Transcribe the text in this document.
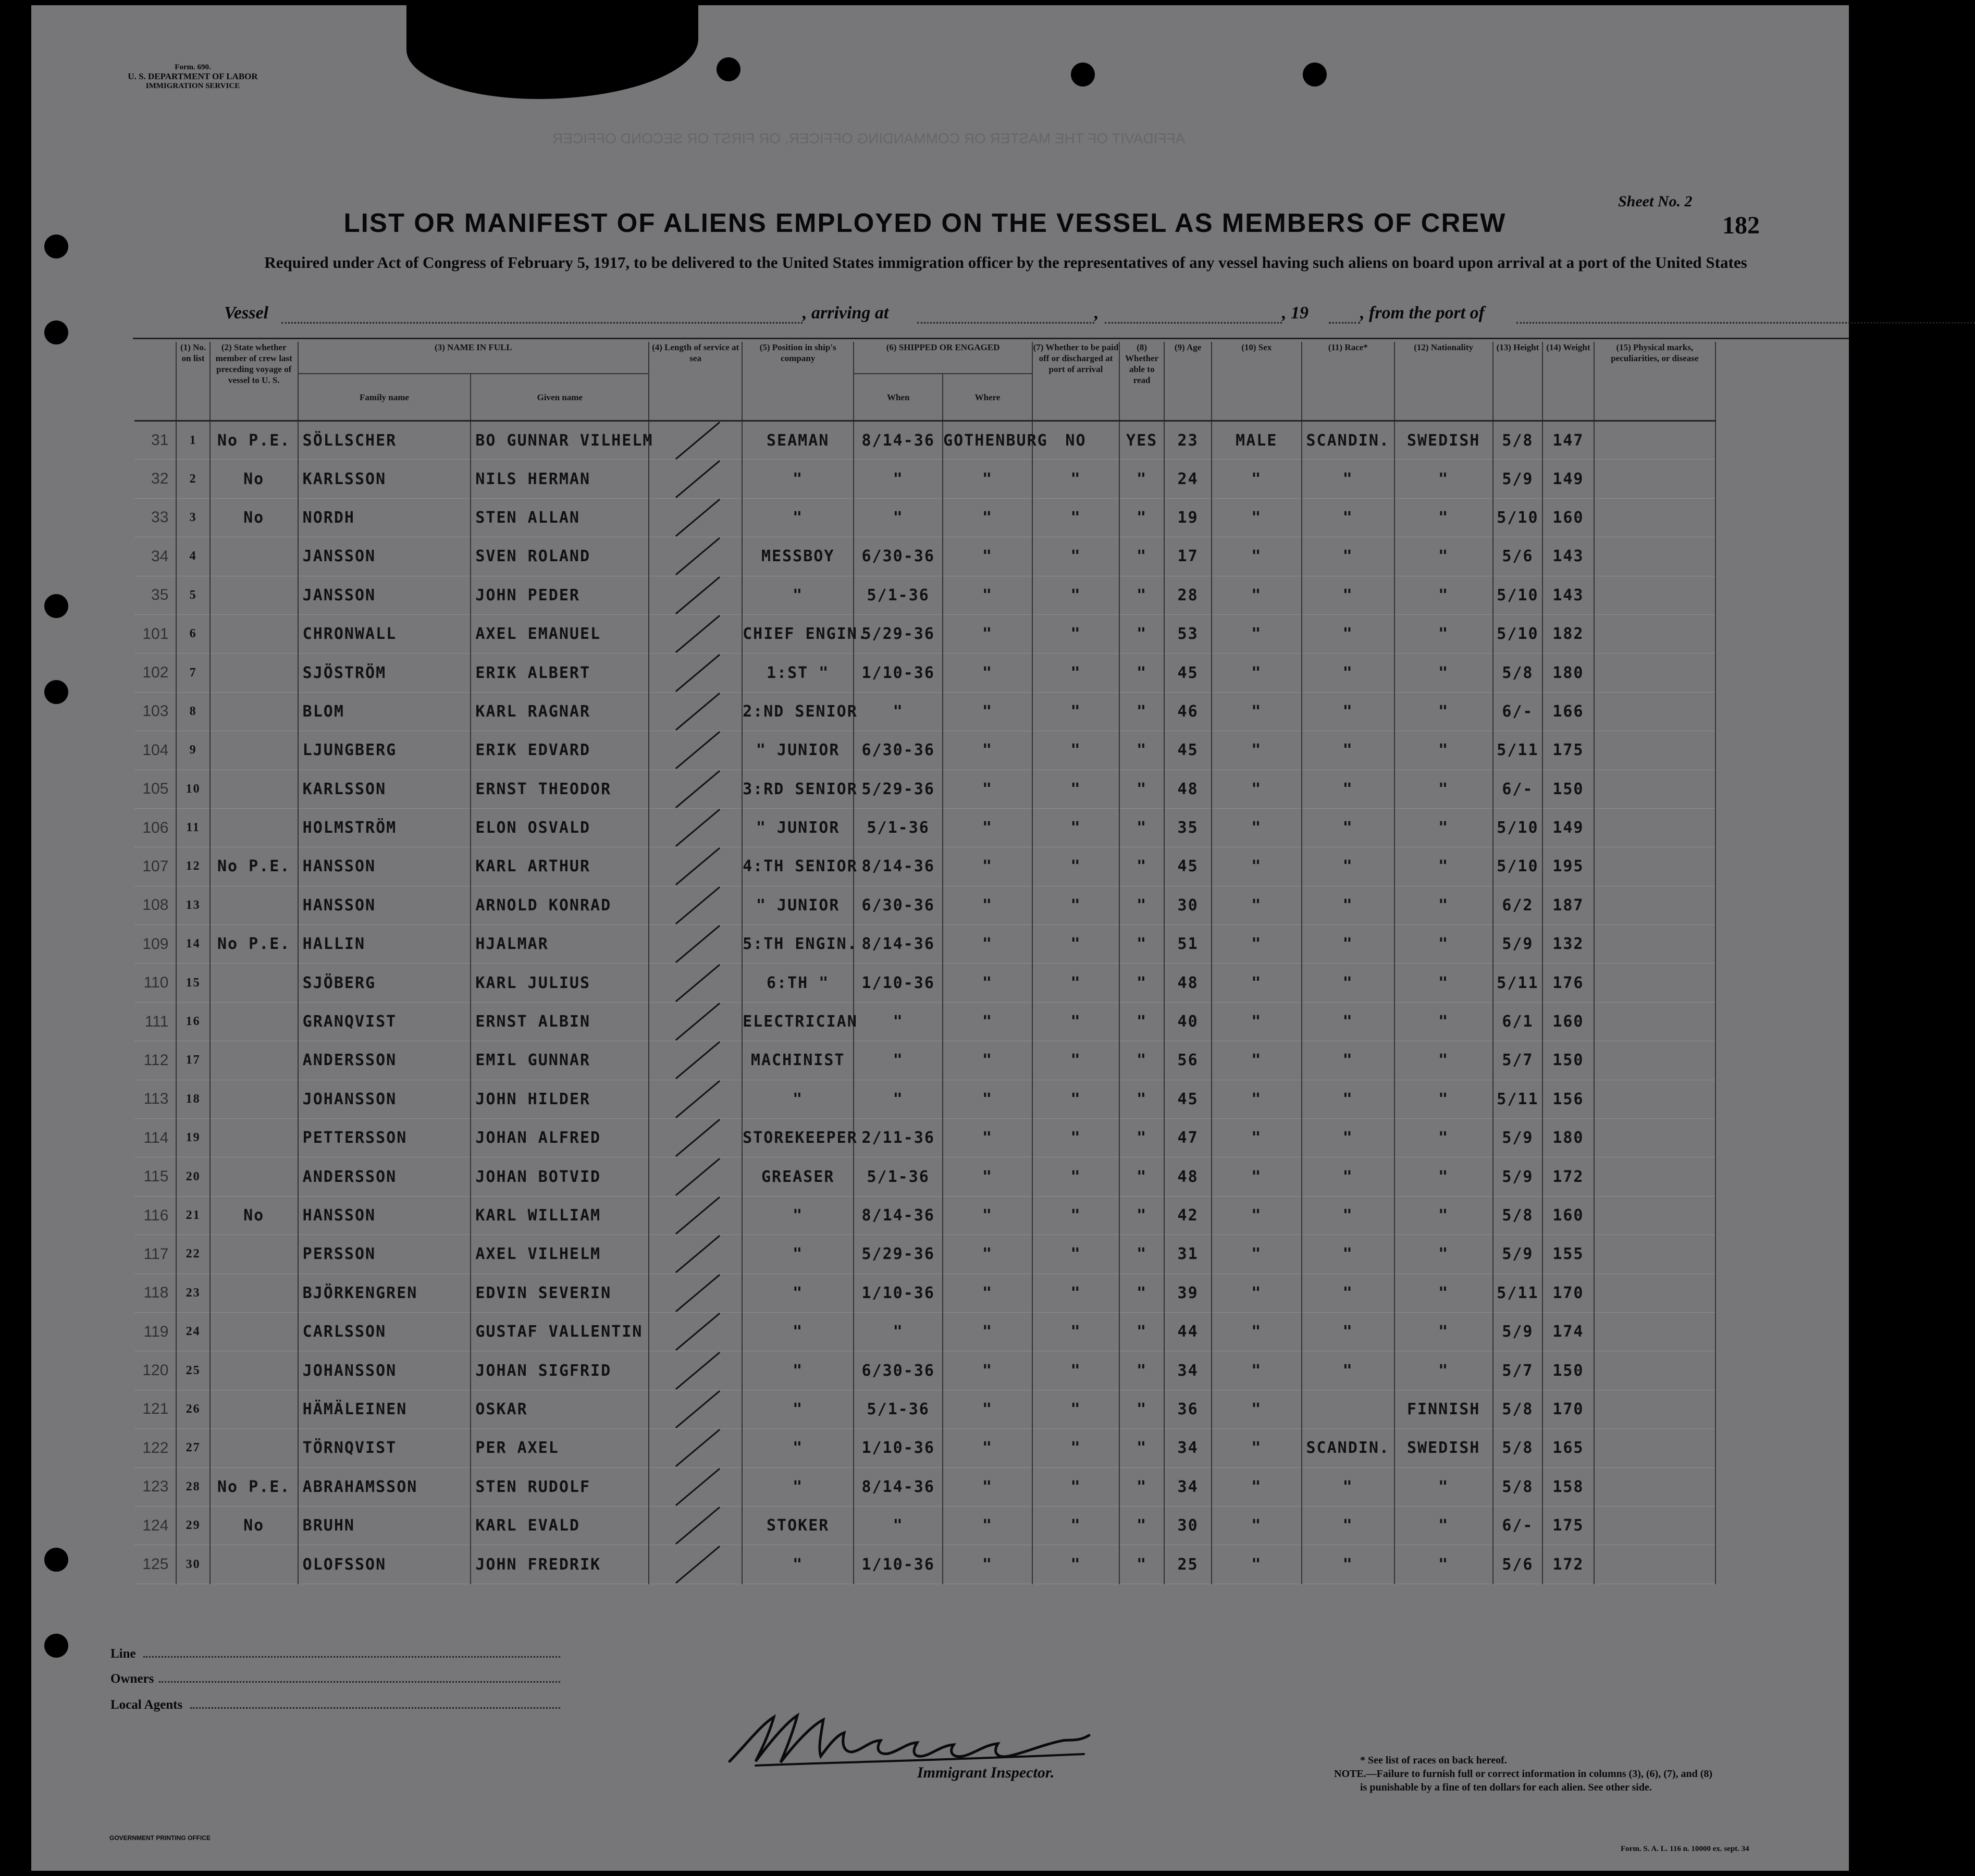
AFFIDAVIT OF THE MASTER OR COMMANDING OFFICER, OR FIRST OR SECOND OFFICER
Form. 690.
U. S. DEPARTMENT OF LABOR
IMMIGRATION SERVICE
Sheet No. 2
182
LIST OR MANIFEST OF ALIENS EMPLOYED ON THE VESSEL AS MEMBERS OF CREW
Required under Act of Congress of February 5, 1917, to be delivered to the United States immigration officer by the representatives of any vessel having such aliens on board upon arrival at a port of the United States
Vessel	, arriving at	,	, 19	, from the port of
	(1) No. on list	(2) State whether member of crew last preceding voyage of vessel to U. S.	(3) NAME IN FULL		(4) Length of service at sea	(5) Position in ship's company	(6) SHIPPED OR ENGAGED		(7) Whether to be paid off or discharged at port of arrival	(8) Whether able to read	(9) Age	(10) Sex	(11) Race*	(12) Nationality	(13) Height	(14) Weight	(15) Physical marks, peculiarities, or disease	
			Family name	Given name			When	Where										
31	1	No P.E.	SÖLLSCHER	BO GUNNAR VILHELM		SEAMAN	8/14-36	GOTHENBURG	NO	YES	23	MALE	SCANDIN.	SWEDISH	5/8	147		
32	2	No	KARLSSON	NILS HERMAN		"	"	"	"	"	24	"	"	"	5/9	149		
33	3	No	NORDH	STEN ALLAN		"	"	"	"	"	19	"	"	"	5/10	160		
34	4		JANSSON	SVEN ROLAND		MESSBOY	6/30-36	"	"	"	17	"	"	"	5/6	143		
35	5		JANSSON	JOHN PEDER		"	5/1-36	"	"	"	28	"	"	"	5/10	143		
101	6		CHRONWALL	AXEL EMANUEL		CHIEF ENGIN.	5/29-36	"	"	"	53	"	"	"	5/10	182		
102	7		SJÖSTRÖM	ERIK ALBERT		1:ST "	1/10-36	"	"	"	45	"	"	"	5/8	180		
103	8		BLOM	KARL RAGNAR		2:ND SENIOR	"	"	"	"	46	"	"	"	6/-	166		
104	9		LJUNGBERG	ERIK EDVARD		" JUNIOR	6/30-36	"	"	"	45	"	"	"	5/11	175		
105	10		KARLSSON	ERNST THEODOR		3:RD SENIOR	5/29-36	"	"	"	48	"	"	"	6/-	150		
106	11		HOLMSTRÖM	ELON OSVALD		" JUNIOR	5/1-36	"	"	"	35	"	"	"	5/10	149		
107	12	No P.E.	HANSSON	KARL ARTHUR		4:TH SENIOR	8/14-36	"	"	"	45	"	"	"	5/10	195		
108	13		HANSSON	ARNOLD KONRAD		" JUNIOR	6/30-36	"	"	"	30	"	"	"	6/2	187		
109	14	No P.E.	HALLIN	HJALMAR		5:TH ENGIN.	8/14-36	"	"	"	51	"	"	"	5/9	132		
110	15		SJÖBERG	KARL JULIUS		6:TH "	1/10-36	"	"	"	48	"	"	"	5/11	176		
111	16		GRANQVIST	ERNST ALBIN		ELECTRICIAN	"	"	"	"	40	"	"	"	6/1	160		
112	17		ANDERSSON	EMIL GUNNAR		MACHINIST	"	"	"	"	56	"	"	"	5/7	150		
113	18		JOHANSSON	JOHN HILDER		"	"	"	"	"	45	"	"	"	5/11	156		
114	19		PETTERSSON	JOHAN ALFRED		STOREKEEPER	2/11-36	"	"	"	47	"	"	"	5/9	180		
115	20		ANDERSSON	JOHAN BOTVID		GREASER	5/1-36	"	"	"	48	"	"	"	5/9	172		
116	21	No	HANSSON	KARL WILLIAM		"	8/14-36	"	"	"	42	"	"	"	5/8	160		
117	22		PERSSON	AXEL VILHELM		"	5/29-36	"	"	"	31	"	"	"	5/9	155		
118	23		BJÖRKENGREN	EDVIN SEVERIN		"	1/10-36	"	"	"	39	"	"	"	5/11	170		
119	24		CARLSSON	GUSTAF VALLENTIN		"	"	"	"	"	44	"	"	"	5/9	174		
120	25		JOHANSSON	JOHAN SIGFRID		"	6/30-36	"	"	"	34	"	"	"	5/7	150		
121	26		HÄMÄLEINEN	OSKAR		"	5/1-36	"	"	"	36	"		FINNISH	5/8	170		
122	27		TÖRNQVIST	PER AXEL		"	1/10-36	"	"	"	34	"	SCANDIN.	SWEDISH	5/8	165		
123	28	No P.E.	ABRAHAMSSON	STEN RUDOLF		"	8/14-36	"	"	"	34	"	"	"	5/8	158		
124	29	No	BRUHN	KARL EVALD		STOKER	"	"	"	"	30	"	"	"	6/-	175		
125	30		OLOFSSON	JOHN FREDRIK		"	1/10-36	"	"	"	25	"	"	"	5/6	172		
Line
Owners
Local Agents
Immigrant Inspector.
* See list of races on back hereof.
NOTE.—Failure to furnish full or correct information in columns (3), (6), (7), and (8)
is punishable by a fine of ten dollars for each alien. See other side.
GOVERNMENT PRINTING OFFICE
Form. S. A. L. 116 n. 10000 ex. sept. 34
